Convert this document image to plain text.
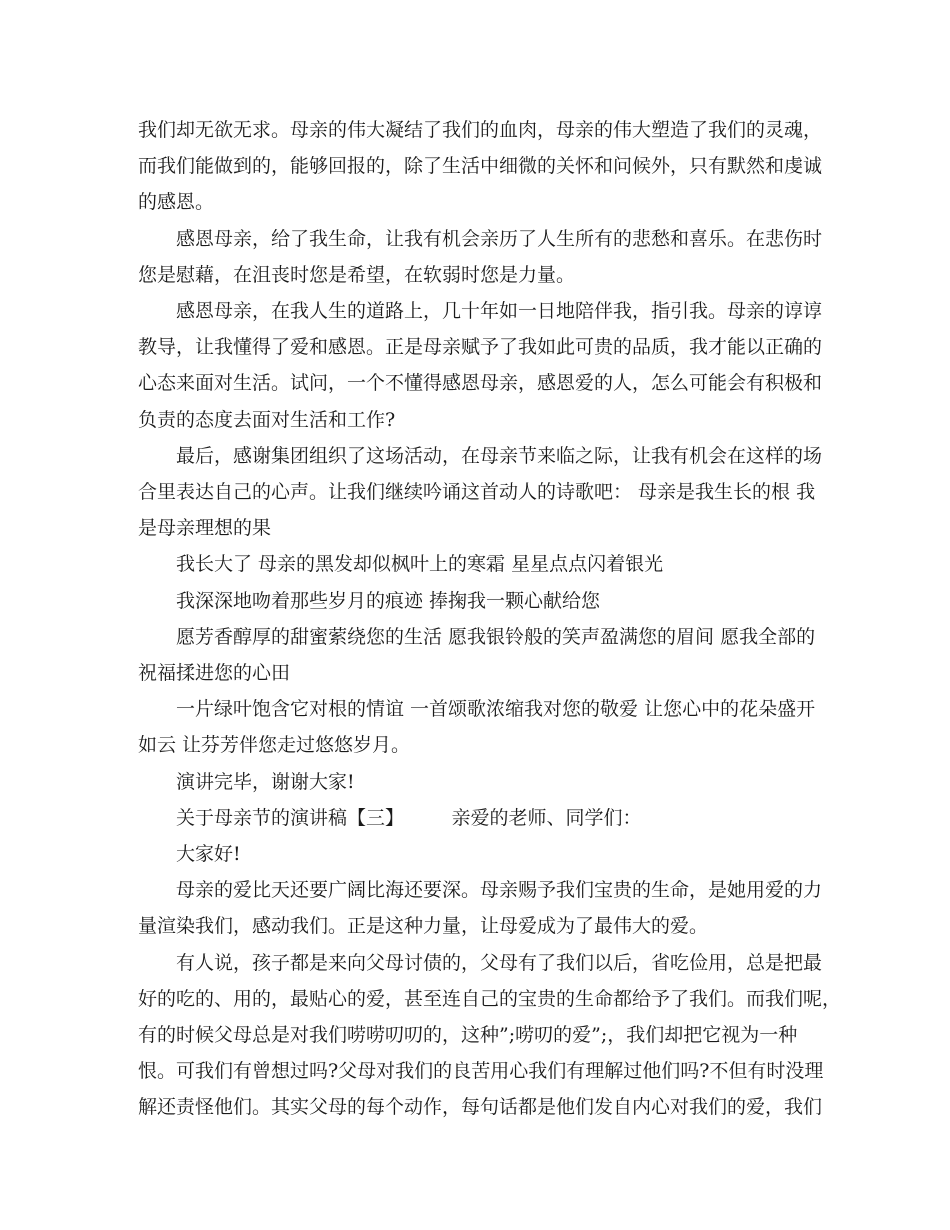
我们却无欲无求。母亲的伟大凝结了我们的血肉，母亲的伟大塑造了我们的灵魂，

而我们能做到的，能够回报的，除了生活中细微的关怀和问候外，只有默然和虔诚

的感恩。

　　感恩母亲，给了我生命，让我有机会亲历了人生所有的悲愁和喜乐。在悲伤时

您是慰藉，在沮丧时您是希望，在软弱时您是力量。

　　感恩母亲，在我人生的道路上，几十年如一日地陪伴我，指引我。母亲的谆谆

教导，让我懂得了爱和感恩。正是母亲赋予了我如此可贵的品质，我才能以正确的

心态来面对生活。试问，一个不懂得感恩母亲，感恩爱的人，怎么可能会有积极和

负责的态度去面对生活和工作?

　　最后，感谢集团组织了这场活动，在母亲节来临之际，让我有机会在这样的场

合里表达自己的心声。让我们继续吟诵这首动人的诗歌吧： 母亲是我生长的根 我

是母亲理想的果

　　我长大了 母亲的黑发却似枫叶上的寒霜 星星点点闪着银光

　　我深深地吻着那些岁月的痕迹 捧掬我一颗心献给您

　　愿芳香醇厚的甜蜜萦绕您的生活 愿我银铃般的笑声盈满您的眉间 愿我全部的

祝福揉进您的心田

　　一片绿叶饱含它对根的情谊 一首颂歌浓缩我对您的敬爱 让您心中的花朵盛开

如云 让芬芳伴您走过悠悠岁月。

　　演讲完毕，谢谢大家!

　　关于母亲节的演讲稿【三】　　　亲爱的老师、同学们：

　　大家好!

　　母亲的爱比天还要广阔比海还要深。母亲赐予我们宝贵的生命，是她用爱的力

量渲染我们，感动我们。正是这种力量，让母爱成为了最伟大的爱。

　　有人说，孩子都是来向父母讨债的，父母有了我们以后，省吃俭用，总是把最

好的吃的、用的，最贴心的爱，甚至连自己的宝贵的生命都给予了我们。而我们呢，

有的时候父母总是对我们唠唠叨叨的，这种”;唠叨的爱”;，我们却把它视为一种

恨。可我们有曾想过吗?父母对我们的良苦用心我们有理解过他们吗?不但有时没理

解还责怪他们。其实父母的每个动作，每句话都是他们发自内心对我们的爱，我们
